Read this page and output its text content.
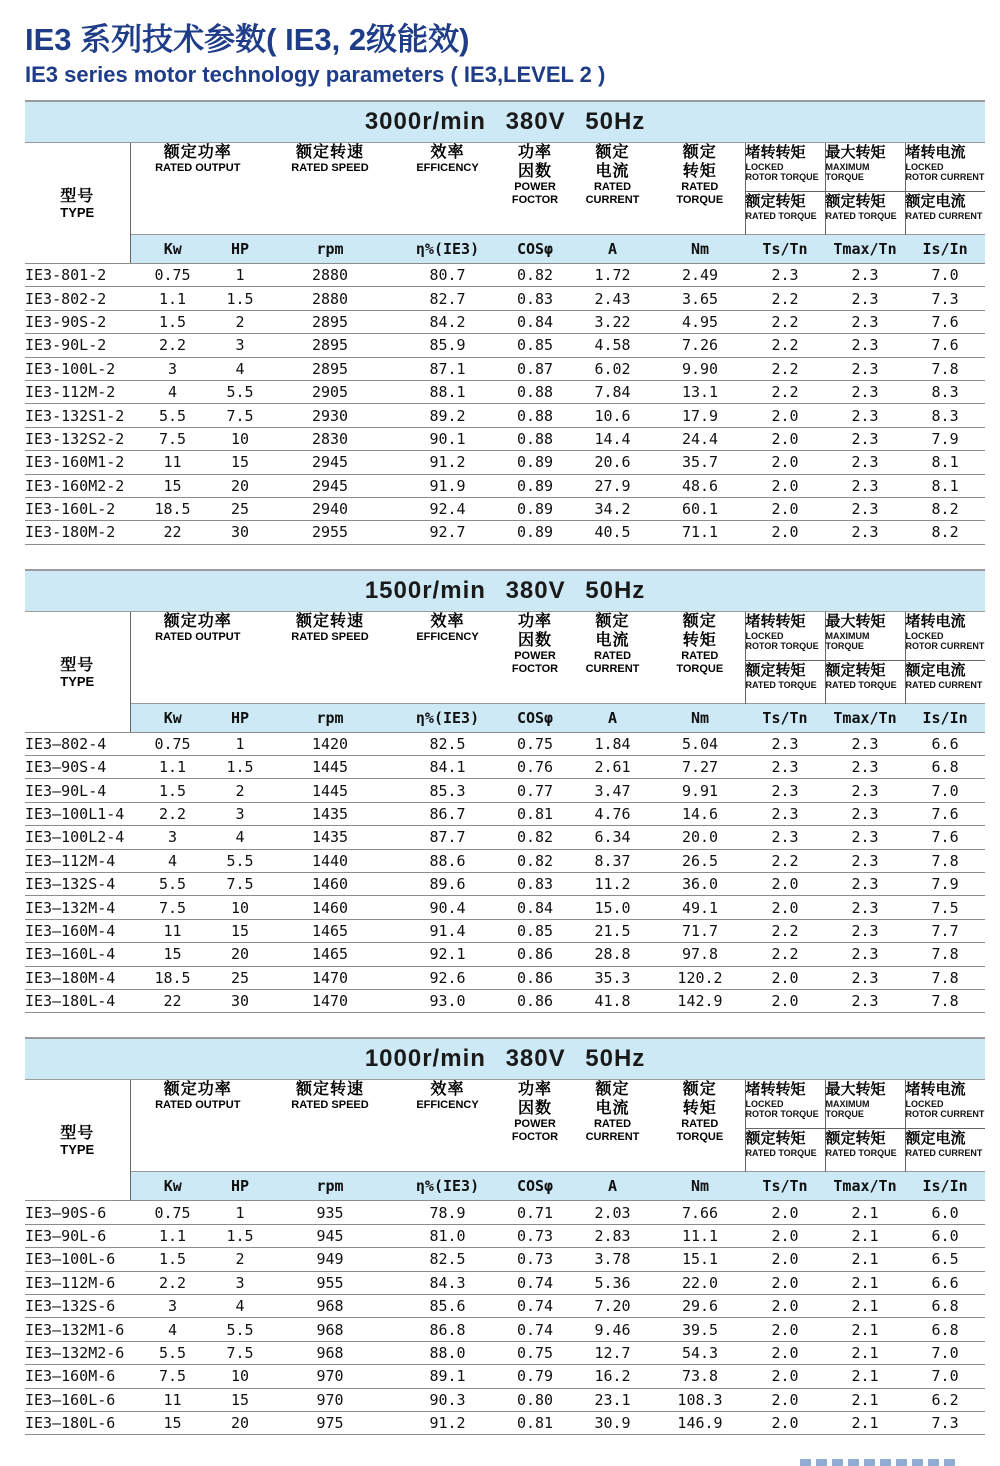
IE3 系列技术参数( IE3, 2级能效)
IE3 series motor technology parameters ( IE3,LEVEL 2 )
3000r/min 380V 50Hz										

型号
TYPE

额定功率
RATED OUTPUT

额定转速
RATED SPEED

效率
EFFICENCY

功率
因数
POWER
FOCTOR

额定
电流
RATED
CURRENT

额定
转矩
RATED
TORQUE

堵转转矩
LOCKED
ROTOR TORQUE

最大转矩
MAXIMUM
TORQUE

堵转电流
LOCKED
ROTOR CURRENT

额定转矩
RATED TORQUE

额定转矩
RATED TORQUE

额定电流
RATED CURRENT

	Kw	HP	rpm	η%(IE3)	COSφ	A	Nm	Ts/Tn	Tmax/Tn	Is/In
IE3-801-2	0.75	1	2880	80.7	0.82	1.72	2.49	2.3	2.3	7.0
IE3-802-2	1.1	1.5	2880	82.7	0.83	2.43	3.65	2.2	2.3	7.3
IE3-90S-2	1.5	2	2895	84.2	0.84	3.22	4.95	2.2	2.3	7.6
IE3-90L-2	2.2	3	2895	85.9	0.85	4.58	7.26	2.2	2.3	7.6
IE3-100L-2	3	4	2895	87.1	0.87	6.02	9.90	2.2	2.3	7.8
IE3-112M-2	4	5.5	2905	88.1	0.88	7.84	13.1	2.2	2.3	8.3
IE3-132S1-2	5.5	7.5	2930	89.2	0.88	10.6	17.9	2.0	2.3	8.3
IE3-132S2-2	7.5	10	2830	90.1	0.88	14.4	24.4	2.0	2.3	7.9
IE3-160M1-2	11	15	2945	91.2	0.89	20.6	35.7	2.0	2.3	8.1
IE3-160M2-2	15	20	2945	91.9	0.89	27.9	48.6	2.0	2.3	8.1
IE3-160L-2	18.5	25	2940	92.4	0.89	34.2	60.1	2.0	2.3	8.2
IE3-180M-2	22	30	2955	92.7	0.89	40.5	71.1	2.0	2.3	8.2
1500r/min 380V 50Hz										

型号
TYPE

额定功率
RATED OUTPUT

额定转速
RATED SPEED

效率
EFFICENCY

功率
因数
POWER
FOCTOR

额定
电流
RATED
CURRENT

额定
转矩
RATED
TORQUE

堵转转矩
LOCKED
ROTOR TORQUE

最大转矩
MAXIMUM
TORQUE

堵转电流
LOCKED
ROTOR CURRENT

额定转矩
RATED TORQUE

额定转矩
RATED TORQUE

额定电流
RATED CURRENT

	Kw	HP	rpm	η%(IE3)	COSφ	A	Nm	Ts/Tn	Tmax/Tn	Is/In
IE3—802-4	0.75	1	1420	82.5	0.75	1.84	5.04	2.3	2.3	6.6
IE3—90S-4	1.1	1.5	1445	84.1	0.76	2.61	7.27	2.3	2.3	6.8
IE3—90L-4	1.5	2	1445	85.3	0.77	3.47	9.91	2.3	2.3	7.0
IE3—100L1-4	2.2	3	1435	86.7	0.81	4.76	14.6	2.3	2.3	7.6
IE3—100L2-4	3	4	1435	87.7	0.82	6.34	20.0	2.3	2.3	7.6
IE3—112M-4	4	5.5	1440	88.6	0.82	8.37	26.5	2.2	2.3	7.8
IE3—132S-4	5.5	7.5	1460	89.6	0.83	11.2	36.0	2.0	2.3	7.9
IE3—132M-4	7.5	10	1460	90.4	0.84	15.0	49.1	2.0	2.3	7.5
IE3—160M-4	11	15	1465	91.4	0.85	21.5	71.7	2.2	2.3	7.7
IE3—160L-4	15	20	1465	92.1	0.86	28.8	97.8	2.2	2.3	7.8
IE3—180M-4	18.5	25	1470	92.6	0.86	35.3	120.2	2.0	2.3	7.8
IE3—180L-4	22	30	1470	93.0	0.86	41.8	142.9	2.0	2.3	7.8
1000r/min 380V 50Hz										

型号
TYPE

额定功率
RATED OUTPUT

额定转速
RATED SPEED

效率
EFFICENCY

功率
因数
POWER
FOCTOR

额定
电流
RATED
CURRENT

额定
转矩
RATED
TORQUE

堵转转矩
LOCKED
ROTOR TORQUE

最大转矩
MAXIMUM
TORQUE

堵转电流
LOCKED
ROTOR CURRENT

额定转矩
RATED TORQUE

额定转矩
RATED TORQUE

额定电流
RATED CURRENT

	Kw	HP	rpm	η%(IE3)	COSφ	A	Nm	Ts/Tn	Tmax/Tn	Is/In
IE3—90S-6	0.75	1	935	78.9	0.71	2.03	7.66	2.0	2.1	6.0
IE3—90L-6	1.1	1.5	945	81.0	0.73	2.83	11.1	2.0	2.1	6.0
IE3—100L-6	1.5	2	949	82.5	0.73	3.78	15.1	2.0	2.1	6.5
IE3—112M-6	2.2	3	955	84.3	0.74	5.36	22.0	2.0	2.1	6.6
IE3—132S-6	3	4	968	85.6	0.74	7.20	29.6	2.0	2.1	6.8
IE3—132M1-6	4	5.5	968	86.8	0.74	9.46	39.5	2.0	2.1	6.8
IE3—132M2-6	5.5	7.5	968	88.0	0.75	12.7	54.3	2.0	2.1	7.0
IE3—160M-6	7.5	10	970	89.1	0.79	16.2	73.8	2.0	2.1	7.0
IE3—160L-6	11	15	970	90.3	0.80	23.1	108.3	2.0	2.1	6.2
IE3—180L-6	15	20	975	91.2	0.81	30.9	146.9	2.0	2.1	7.3
